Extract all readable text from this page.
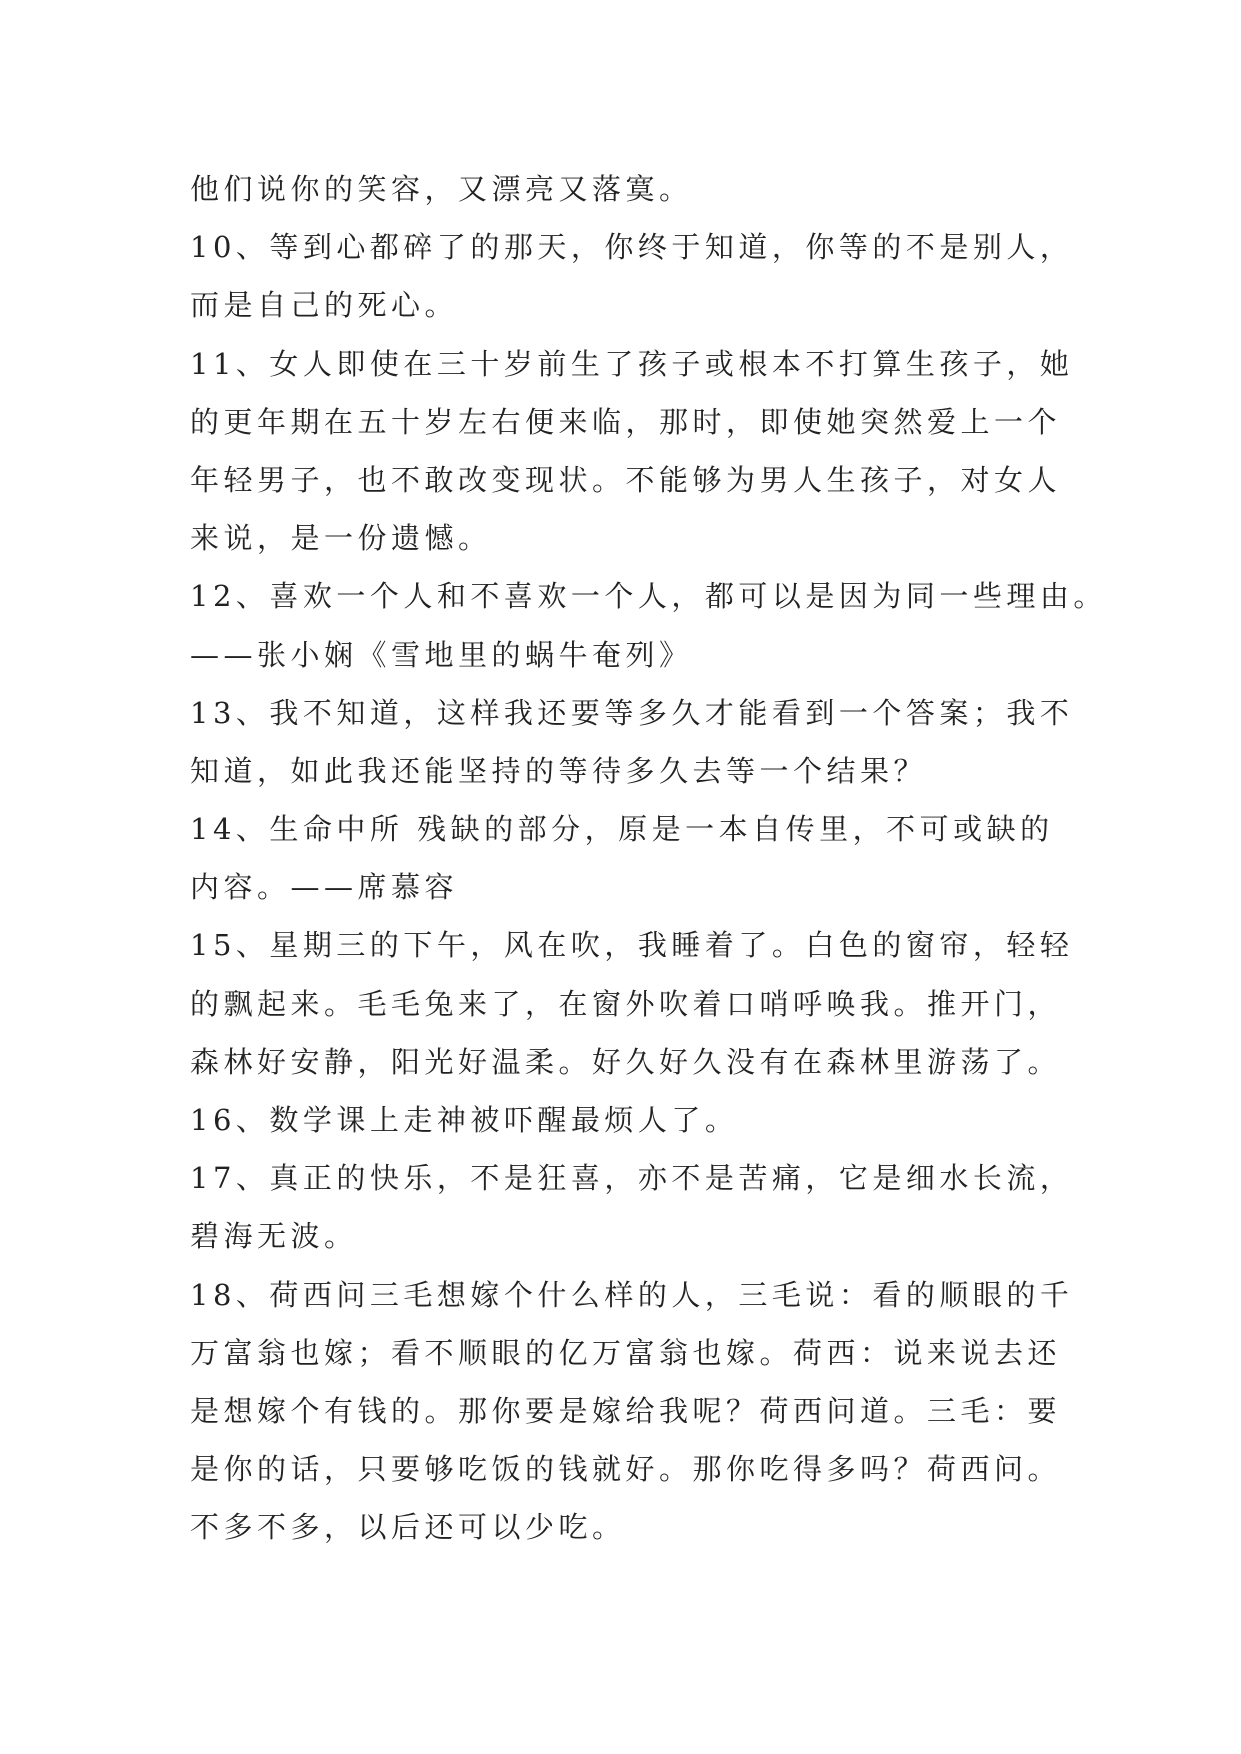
他们说你的笑容，又漂亮又落寞。
10、等到心都碎了的那天，你终于知道，你等的不是别人，
而是自己的死心。
11、女人即使在三十岁前生了孩子或根本不打算生孩子，她
的更年期在五十岁左右便来临，那时，即使她突然爱上一个
年轻男子，也不敢改变现状。不能够为男人生孩子，对女人
来说，是一份遗憾。
12、喜欢一个人和不喜欢一个人，都可以是因为同一些理由。
——张小娴《雪地里的蜗牛奄列》
13、我不知道，这样我还要等多久才能看到一个答案；我不
知道，如此我还能坚持的等待多久去等一个结果？
14、生命中所 残缺的部分，原是一本自传里，不可或缺的
内容。——席慕容
15、星期三的下午，风在吹，我睡着了。白色的窗帘，轻轻
的飘起来。毛毛兔来了，在窗外吹着口哨呼唤我。推开门，
森林好安静，阳光好温柔。好久好久没有在森林里游荡了。
16、数学课上走神被吓醒最烦人了。
17、真正的快乐，不是狂喜，亦不是苦痛，它是细水长流，
碧海无波。
18、荷西问三毛想嫁个什么样的人，三毛说：看的顺眼的千
万富翁也嫁；看不顺眼的亿万富翁也嫁。荷西：说来说去还
是想嫁个有钱的。那你要是嫁给我呢？荷西问道。三毛：要
是你的话，只要够吃饭的钱就好。那你吃得多吗？荷西问。
不多不多，以后还可以少吃。
